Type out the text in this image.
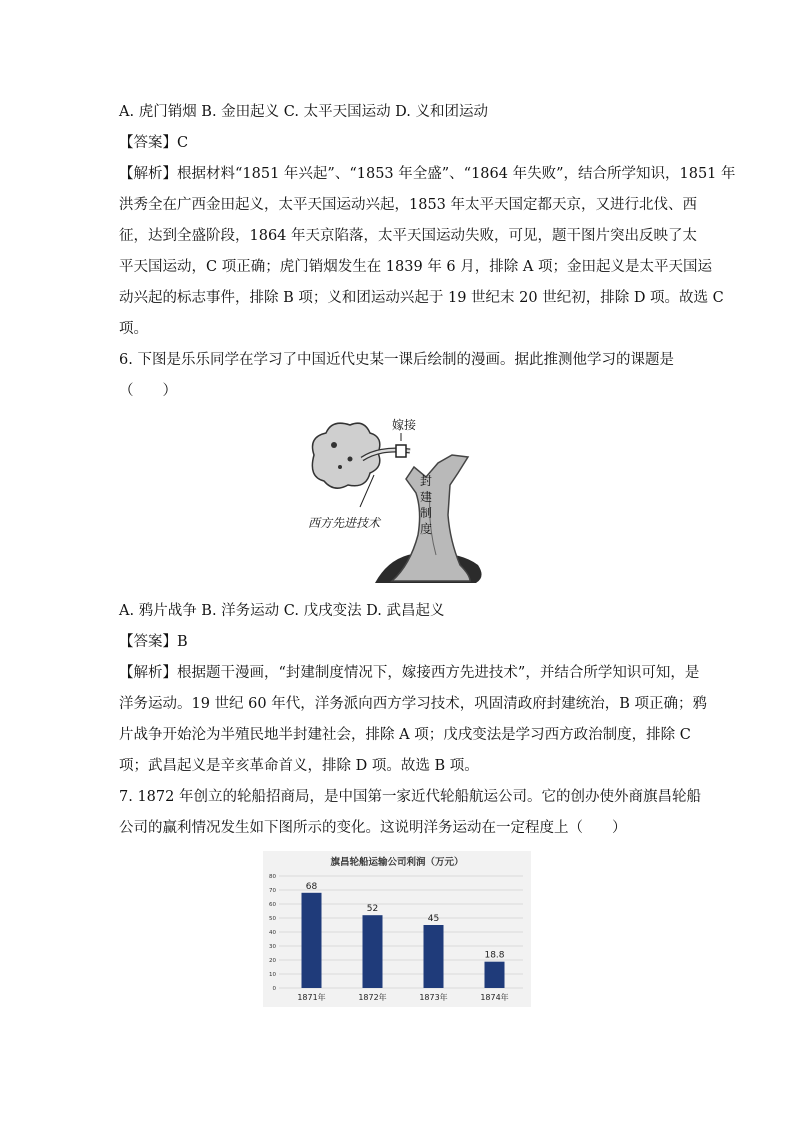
A. 虎门销烟 B. 金田起义 C. 太平天国运动 D. 义和团运动
【答案】C
【解析】根据材料“1851 年兴起”、“1853 年全盛”、“1864 年失败”，结合所学知识，1851 年
洪秀全在广西金田起义，太平天国运动兴起，1853 年太平天国定都天京，又进行北伐、西
征，达到全盛阶段，1864 年天京陷落，太平天国运动失败，可见，题干图片突出反映了太
平天国运动，C 项正确；虎门销烟发生在 1839 年 6 月，排除 A 项；金田起义是太平天国运
动兴起的标志事件，排除 B 项；义和团运动兴起于 19 世纪末 20 世纪初，排除 D 项。故选 C
项。
6. 下图是乐乐同学在学习了中国近代史某一课后绘制的漫画。据此推测他学习的课题是
（　　）
嫁接
封
建
制
度
西方先进技术
A. 鸦片战争 B. 洋务运动 C. 戊戌变法 D. 武昌起义
【答案】B
【解析】根据题干漫画，“封建制度情况下，嫁接西方先进技术”，并结合所学知识可知，是
洋务运动。19 世纪 60 年代，洋务派向西方学习技术，巩固清政府封建统治，B 项正确；鸦
片战争开始沦为半殖民地半封建社会，排除 A 项；戊戌变法是学习西方政治制度，排除 C
项；武昌起义是辛亥革命首义，排除 D 项。故选 B 项。
7. 1872 年创立的轮船招商局，是中国第一家近代轮船航运公司。它的创办使外商旗昌轮船
公司的赢利情况发生如下图所示的变化。这说明洋务运动在一定程度上（　　）
旗昌轮船运输公司利润（万元）
80
70
60
50
40
30
20
10
0
68
52
45
18.8
1871年	1872年	1873年	1874年
